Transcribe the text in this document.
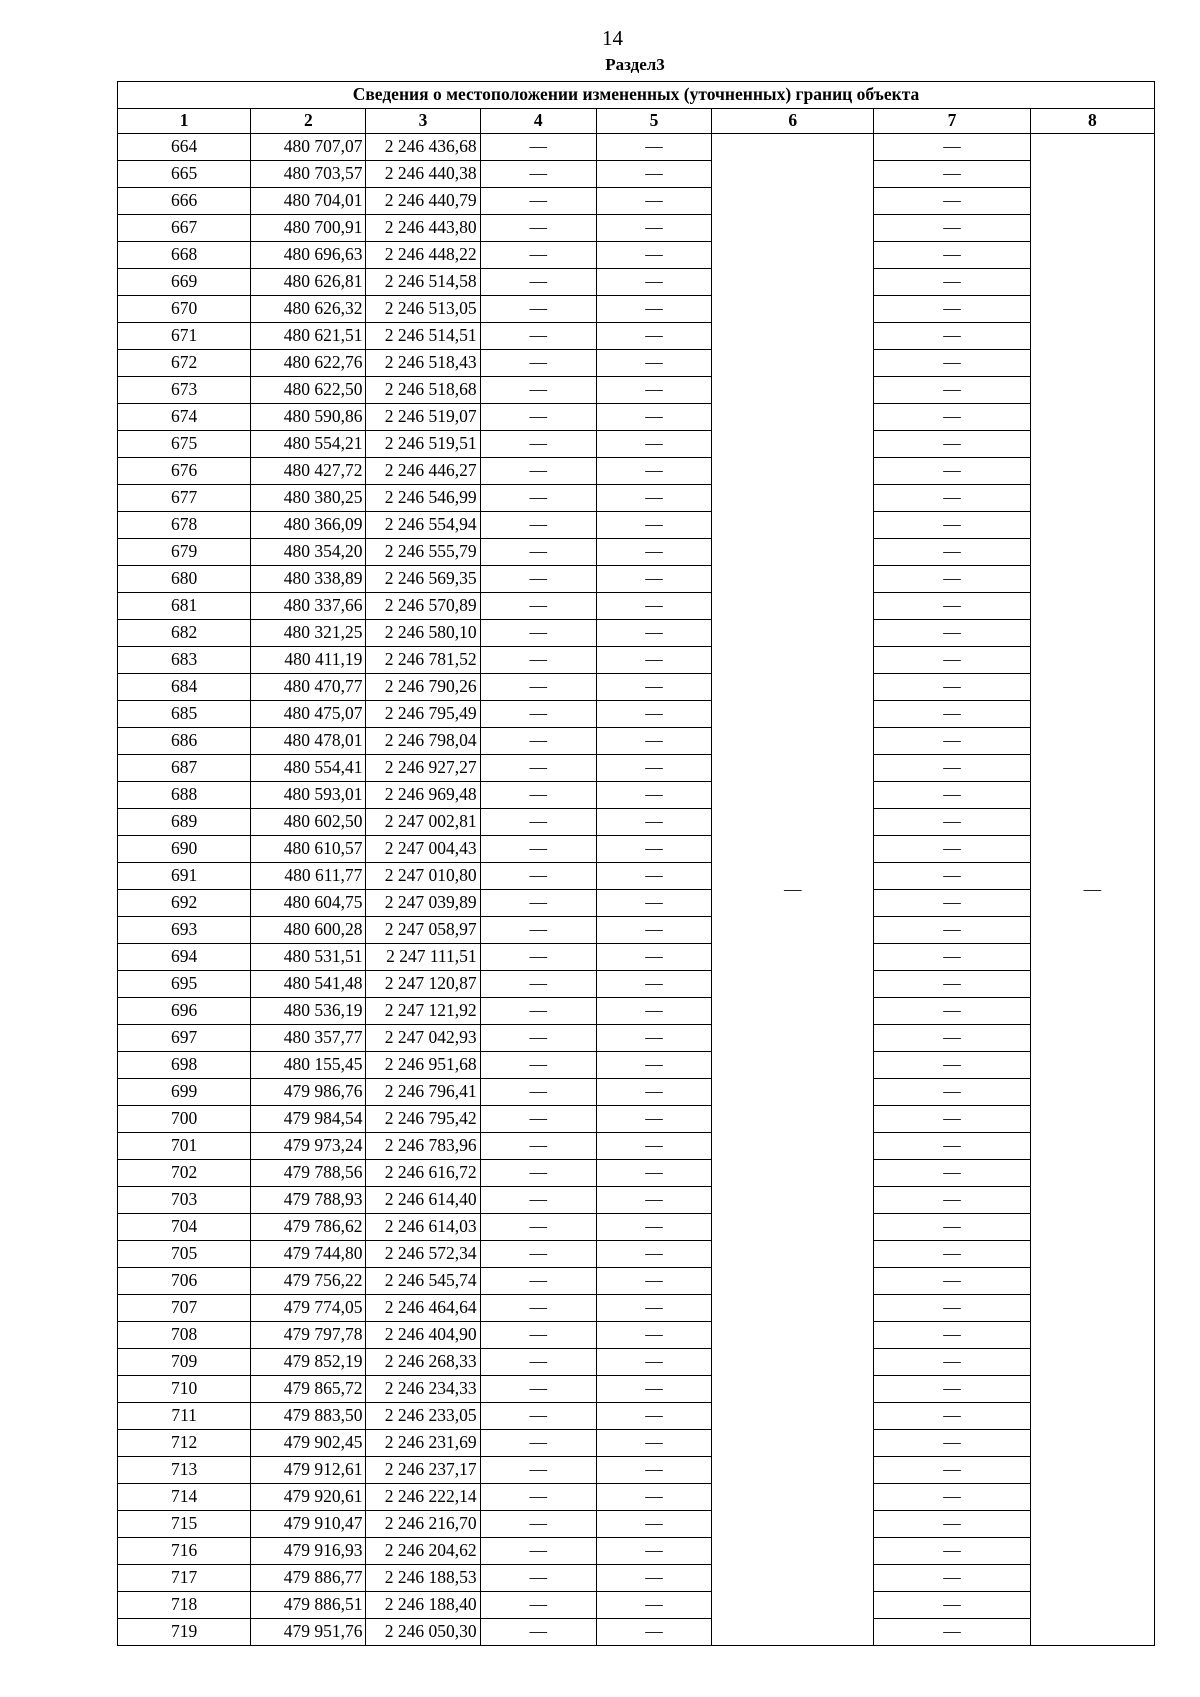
14
Раздел3
Сведения о местоположении измененных (уточненных) границ объекта							
1	2	3	4	5	6	7	8
664	480 707,07	2 246 436,68	—	—	—	—	—
665	480 703,57	2 246 440,38	—	—		—	
666	480 704,01	2 246 440,79	—	—		—	
667	480 700,91	2 246 443,80	—	—		—	
668	480 696,63	2 246 448,22	—	—		—	
669	480 626,81	2 246 514,58	—	—		—	
670	480 626,32	2 246 513,05	—	—		—	
671	480 621,51	2 246 514,51	—	—		—	
672	480 622,76	2 246 518,43	—	—		—	
673	480 622,50	2 246 518,68	—	—		—	
674	480 590,86	2 246 519,07	—	—		—	
675	480 554,21	2 246 519,51	—	—		—	
676	480 427,72	2 246 446,27	—	—		—	
677	480 380,25	2 246 546,99	—	—		—	
678	480 366,09	2 246 554,94	—	—		—	
679	480 354,20	2 246 555,79	—	—		—	
680	480 338,89	2 246 569,35	—	—		—	
681	480 337,66	2 246 570,89	—	—		—	
682	480 321,25	2 246 580,10	—	—		—	
683	480 411,19	2 246 781,52	—	—		—	
684	480 470,77	2 246 790,26	—	—		—	
685	480 475,07	2 246 795,49	—	—		—	
686	480 478,01	2 246 798,04	—	—		—	
687	480 554,41	2 246 927,27	—	—		—	
688	480 593,01	2 246 969,48	—	—		—	
689	480 602,50	2 247 002,81	—	—		—	
690	480 610,57	2 247 004,43	—	—		—	
691	480 611,77	2 247 010,80	—	—		—	
692	480 604,75	2 247 039,89	—	—		—	
693	480 600,28	2 247 058,97	—	—		—	
694	480 531,51	2 247 111,51	—	—		—	
695	480 541,48	2 247 120,87	—	—		—	
696	480 536,19	2 247 121,92	—	—		—	
697	480 357,77	2 247 042,93	—	—		—	
698	480 155,45	2 246 951,68	—	—		—	
699	479 986,76	2 246 796,41	—	—		—	
700	479 984,54	2 246 795,42	—	—		—	
701	479 973,24	2 246 783,96	—	—		—	
702	479 788,56	2 246 616,72	—	—		—	
703	479 788,93	2 246 614,40	—	—		—	
704	479 786,62	2 246 614,03	—	—		—	
705	479 744,80	2 246 572,34	—	—		—	
706	479 756,22	2 246 545,74	—	—		—	
707	479 774,05	2 246 464,64	—	—		—	
708	479 797,78	2 246 404,90	—	—		—	
709	479 852,19	2 246 268,33	—	—		—	
710	479 865,72	2 246 234,33	—	—		—	
711	479 883,50	2 246 233,05	—	—		—	
712	479 902,45	2 246 231,69	—	—		—	
713	479 912,61	2 246 237,17	—	—		—	
714	479 920,61	2 246 222,14	—	—		—	
715	479 910,47	2 246 216,70	—	—		—	
716	479 916,93	2 246 204,62	—	—		—	
717	479 886,77	2 246 188,53	—	—		—	
718	479 886,51	2 246 188,40	—	—		—	
719	479 951,76	2 246 050,30	—	—		—	
